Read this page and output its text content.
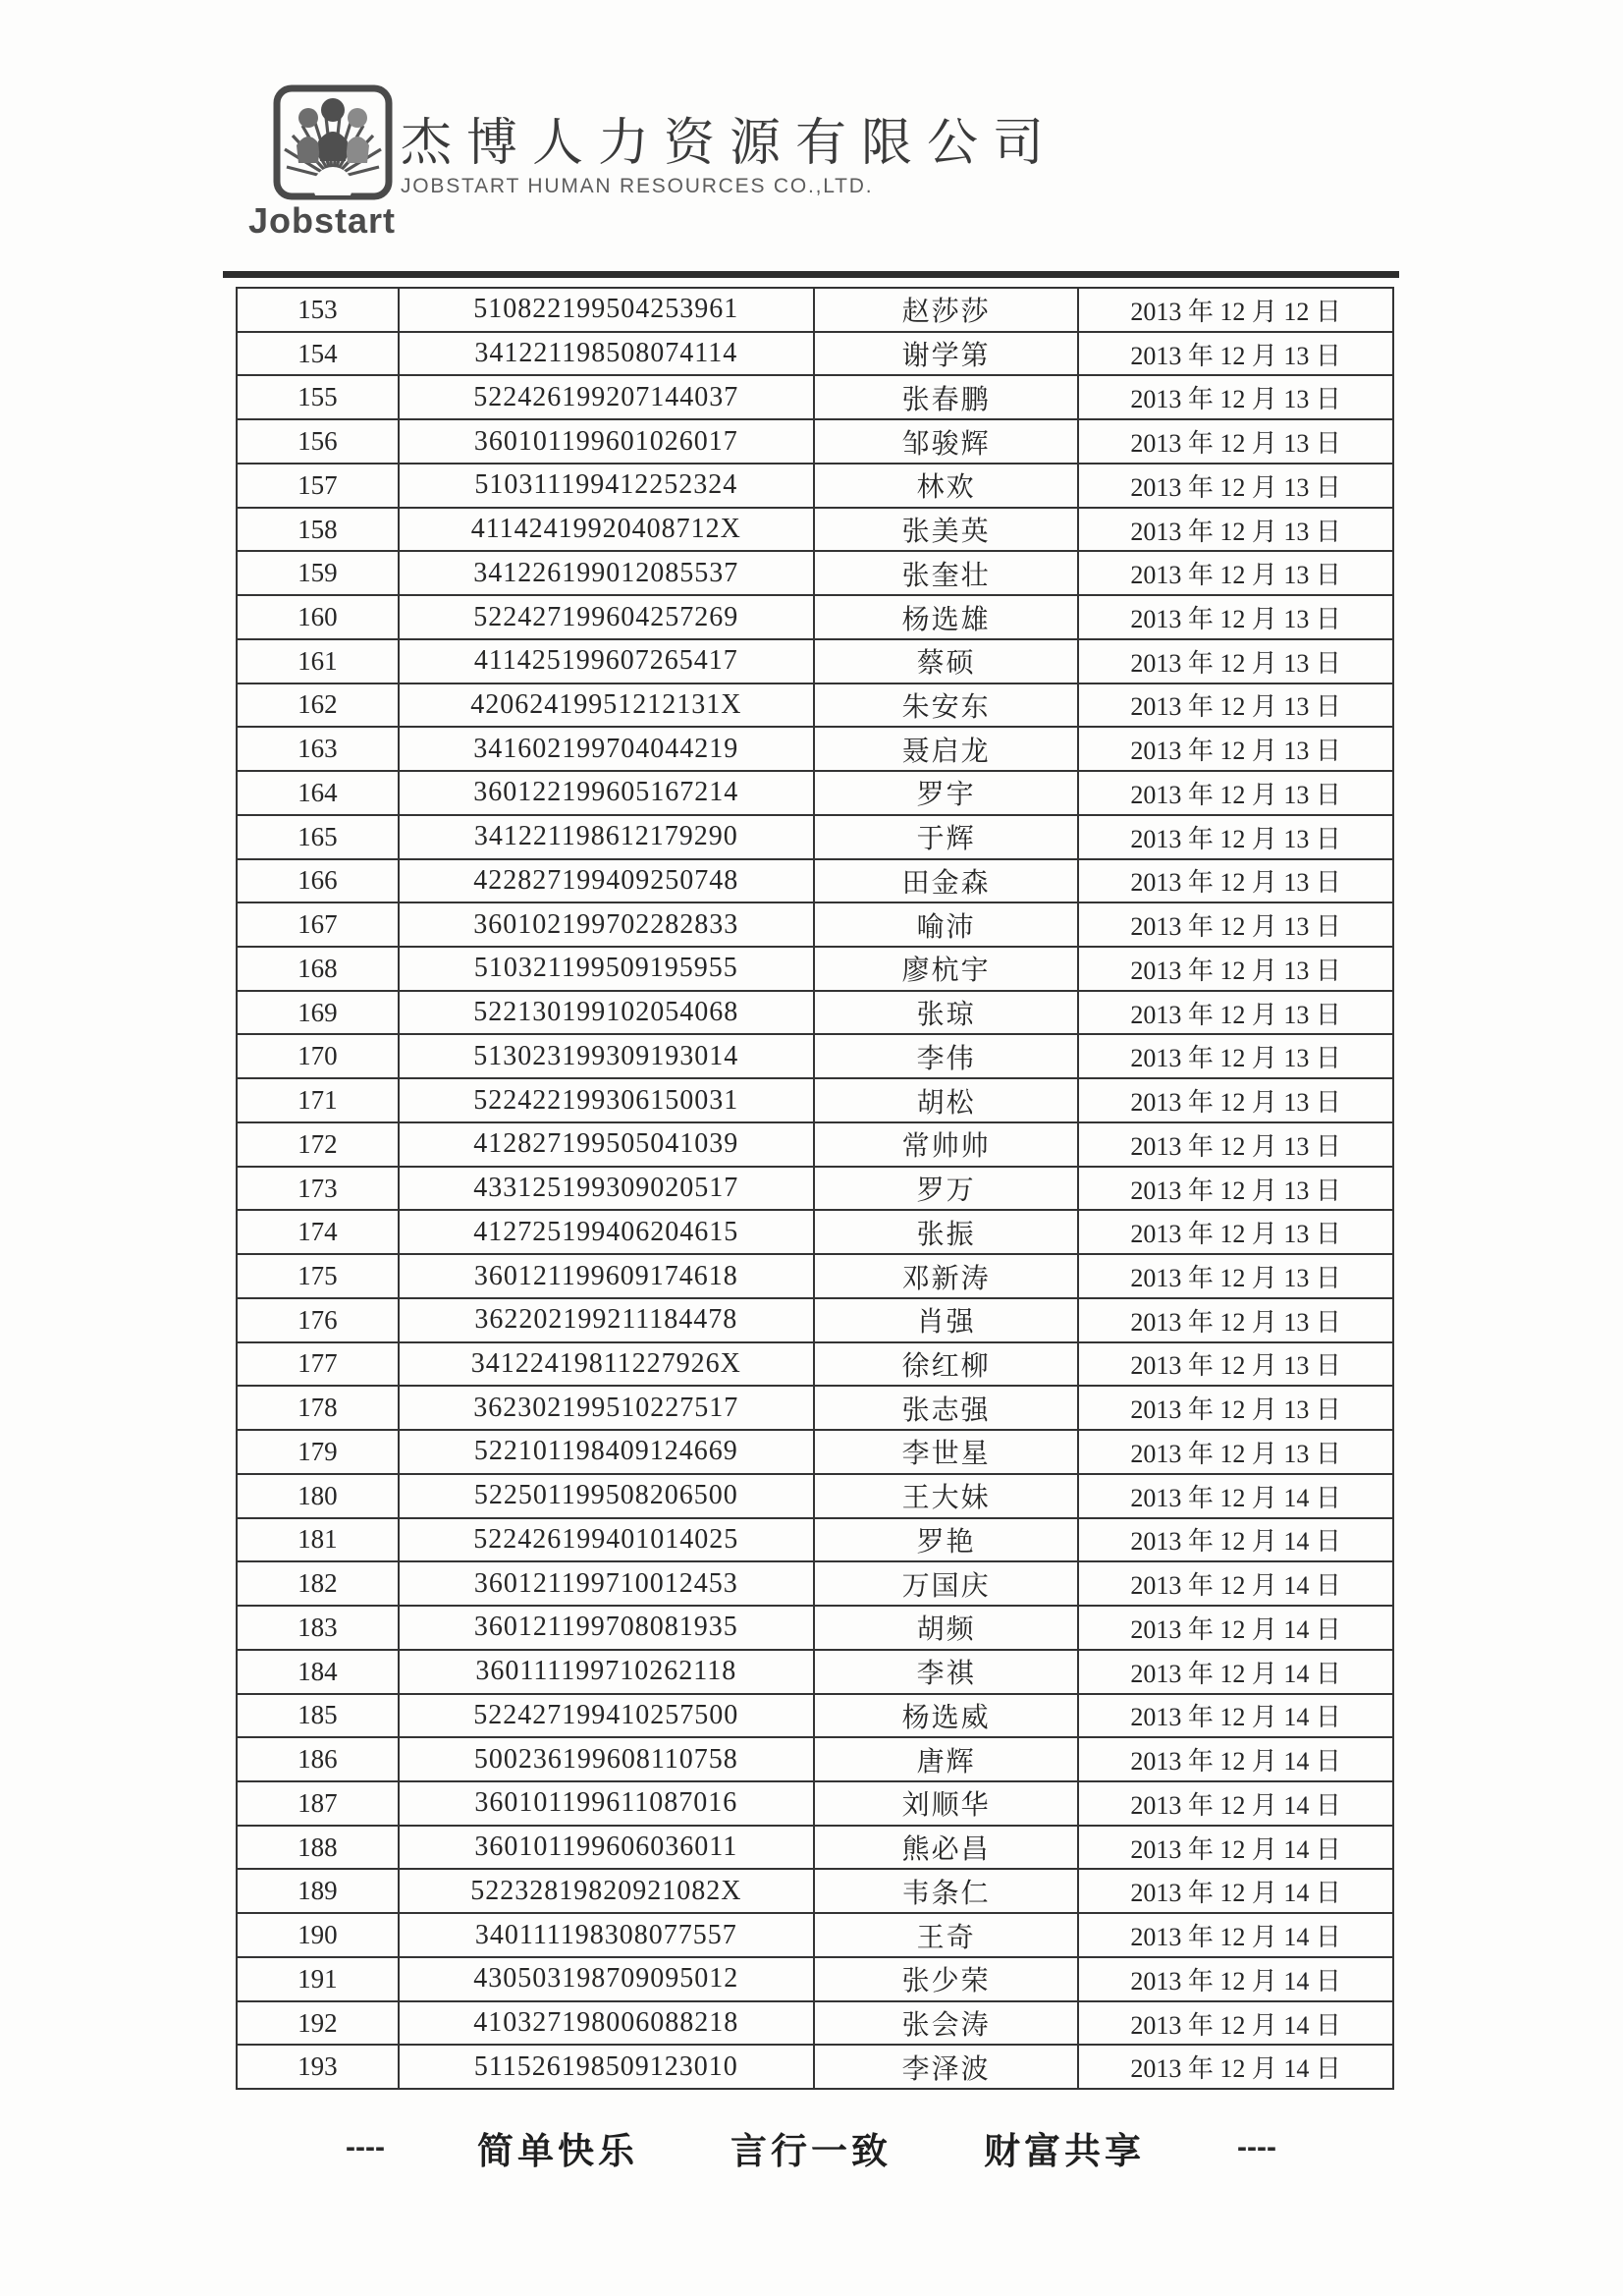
Jobstart
杰博人力资源有限公司
JOBSTART HUMAN RESOURCES CO.,LTD.
153	510822199504253961	赵莎莎	2013 年 12 月 12 日
154	341221198508074114	谢学第	2013 年 12 月 13 日
155	522426199207144037	张春鹏	2013 年 12 月 13 日
156	360101199601026017	邹骏辉	2013 年 12 月 13 日
157	510311199412252324	林欢	2013 年 12 月 13 日
158	41142419920408712X	张美英	2013 年 12 月 13 日
159	341226199012085537	张奎壮	2013 年 12 月 13 日
160	522427199604257269	杨选雄	2013 年 12 月 13 日
161	411425199607265417	蔡硕	2013 年 12 月 13 日
162	42062419951212131X	朱安东	2013 年 12 月 13 日
163	341602199704044219	聂启龙	2013 年 12 月 13 日
164	360122199605167214	罗宇	2013 年 12 月 13 日
165	341221198612179290	于辉	2013 年 12 月 13 日
166	422827199409250748	田金森	2013 年 12 月 13 日
167	360102199702282833	喻沛	2013 年 12 月 13 日
168	510321199509195955	廖杭宇	2013 年 12 月 13 日
169	522130199102054068	张琼	2013 年 12 月 13 日
170	513023199309193014	李伟	2013 年 12 月 13 日
171	522422199306150031	胡松	2013 年 12 月 13 日
172	412827199505041039	常帅帅	2013 年 12 月 13 日
173	433125199309020517	罗万	2013 年 12 月 13 日
174	412725199406204615	张振	2013 年 12 月 13 日
175	360121199609174618	邓新涛	2013 年 12 月 13 日
176	362202199211184478	肖强	2013 年 12 月 13 日
177	34122419811227926X	徐红柳	2013 年 12 月 13 日
178	362302199510227517	张志强	2013 年 12 月 13 日
179	522101198409124669	李世星	2013 年 12 月 13 日
180	522501199508206500	王大妹	2013 年 12 月 14 日
181	522426199401014025	罗艳	2013 年 12 月 14 日
182	360121199710012453	万国庆	2013 年 12 月 14 日
183	360121199708081935	胡频	2013 年 12 月 14 日
184	360111199710262118	李祺	2013 年 12 月 14 日
185	522427199410257500	杨选威	2013 年 12 月 14 日
186	500236199608110758	唐辉	2013 年 12 月 14 日
187	360101199611087016	刘顺华	2013 年 12 月 14 日
188	360101199606036011	熊必昌	2013 年 12 月 14 日
189	52232819820921082X	韦条仁	2013 年 12 月 14 日
190	340111198308077557	王奇	2013 年 12 月 14 日
191	430503198709095012	张少荣	2013 年 12 月 14 日
192	410327198006088218	张会涛	2013 年 12 月 14 日
193	511526198509123010	李泽波	2013 年 12 月 14 日
----	简单快乐	言行一致	财富共享	----
